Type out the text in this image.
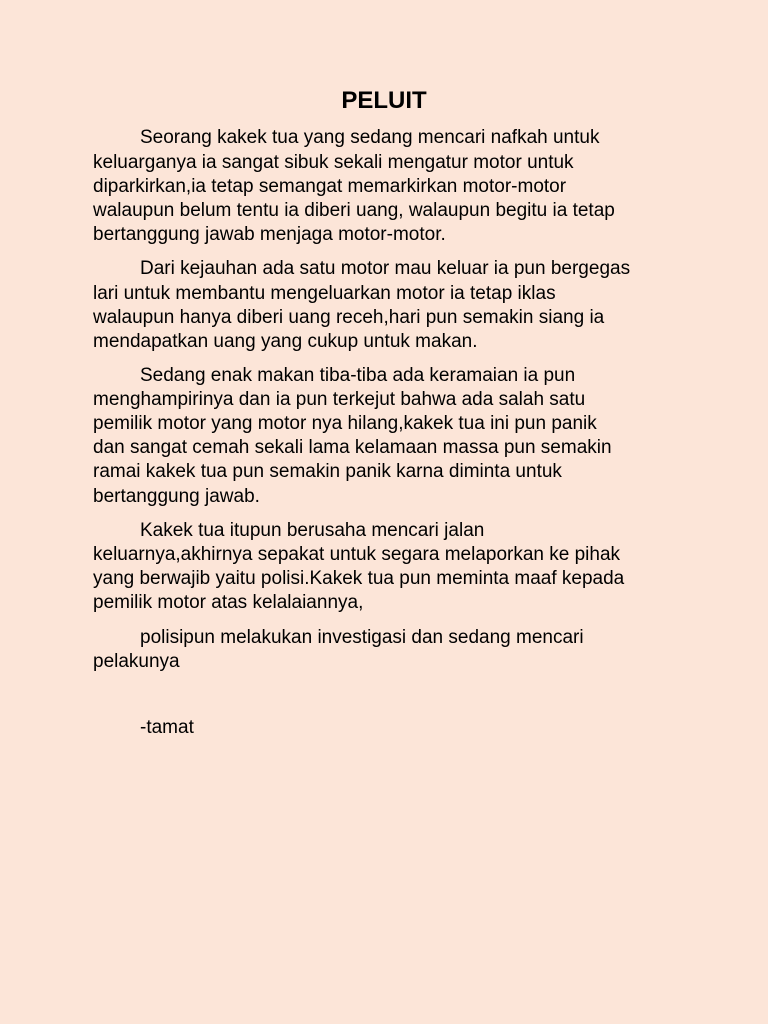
PELUIT

Seorang kakek tua yang sedang mencari nafkah untuk

keluarganya ia sangat sibuk sekali mengatur motor untuk

diparkirkan,ia tetap semangat memarkirkan motor-motor

walaupun belum tentu ia diberi uang, walaupun begitu ia tetap

bertanggung jawab menjaga motor-motor.

Dari kejauhan ada satu motor mau keluar ia pun bergegas

lari untuk membantu mengeluarkan motor ia tetap iklas

walaupun hanya diberi uang receh,hari pun semakin siang ia

mendapatkan uang yang cukup untuk makan.

Sedang enak makan tiba-tiba ada keramaian ia pun

menghampirinya dan ia pun terkejut bahwa ada salah satu

pemilik motor yang motor nya hilang,kakek tua ini pun panik

dan sangat cemah sekali lama kelamaan massa pun semakin

ramai kakek tua pun semakin panik karna diminta untuk

bertanggung jawab.

Kakek tua itupun berusaha mencari jalan

keluarnya,akhirnya sepakat untuk segara melaporkan ke pihak

yang berwajib yaitu polisi.Kakek tua pun meminta maaf kepada

pemilik motor atas kelalaiannya,

polisipun melakukan investigasi dan sedang mencari

pelakunya

-tamat
